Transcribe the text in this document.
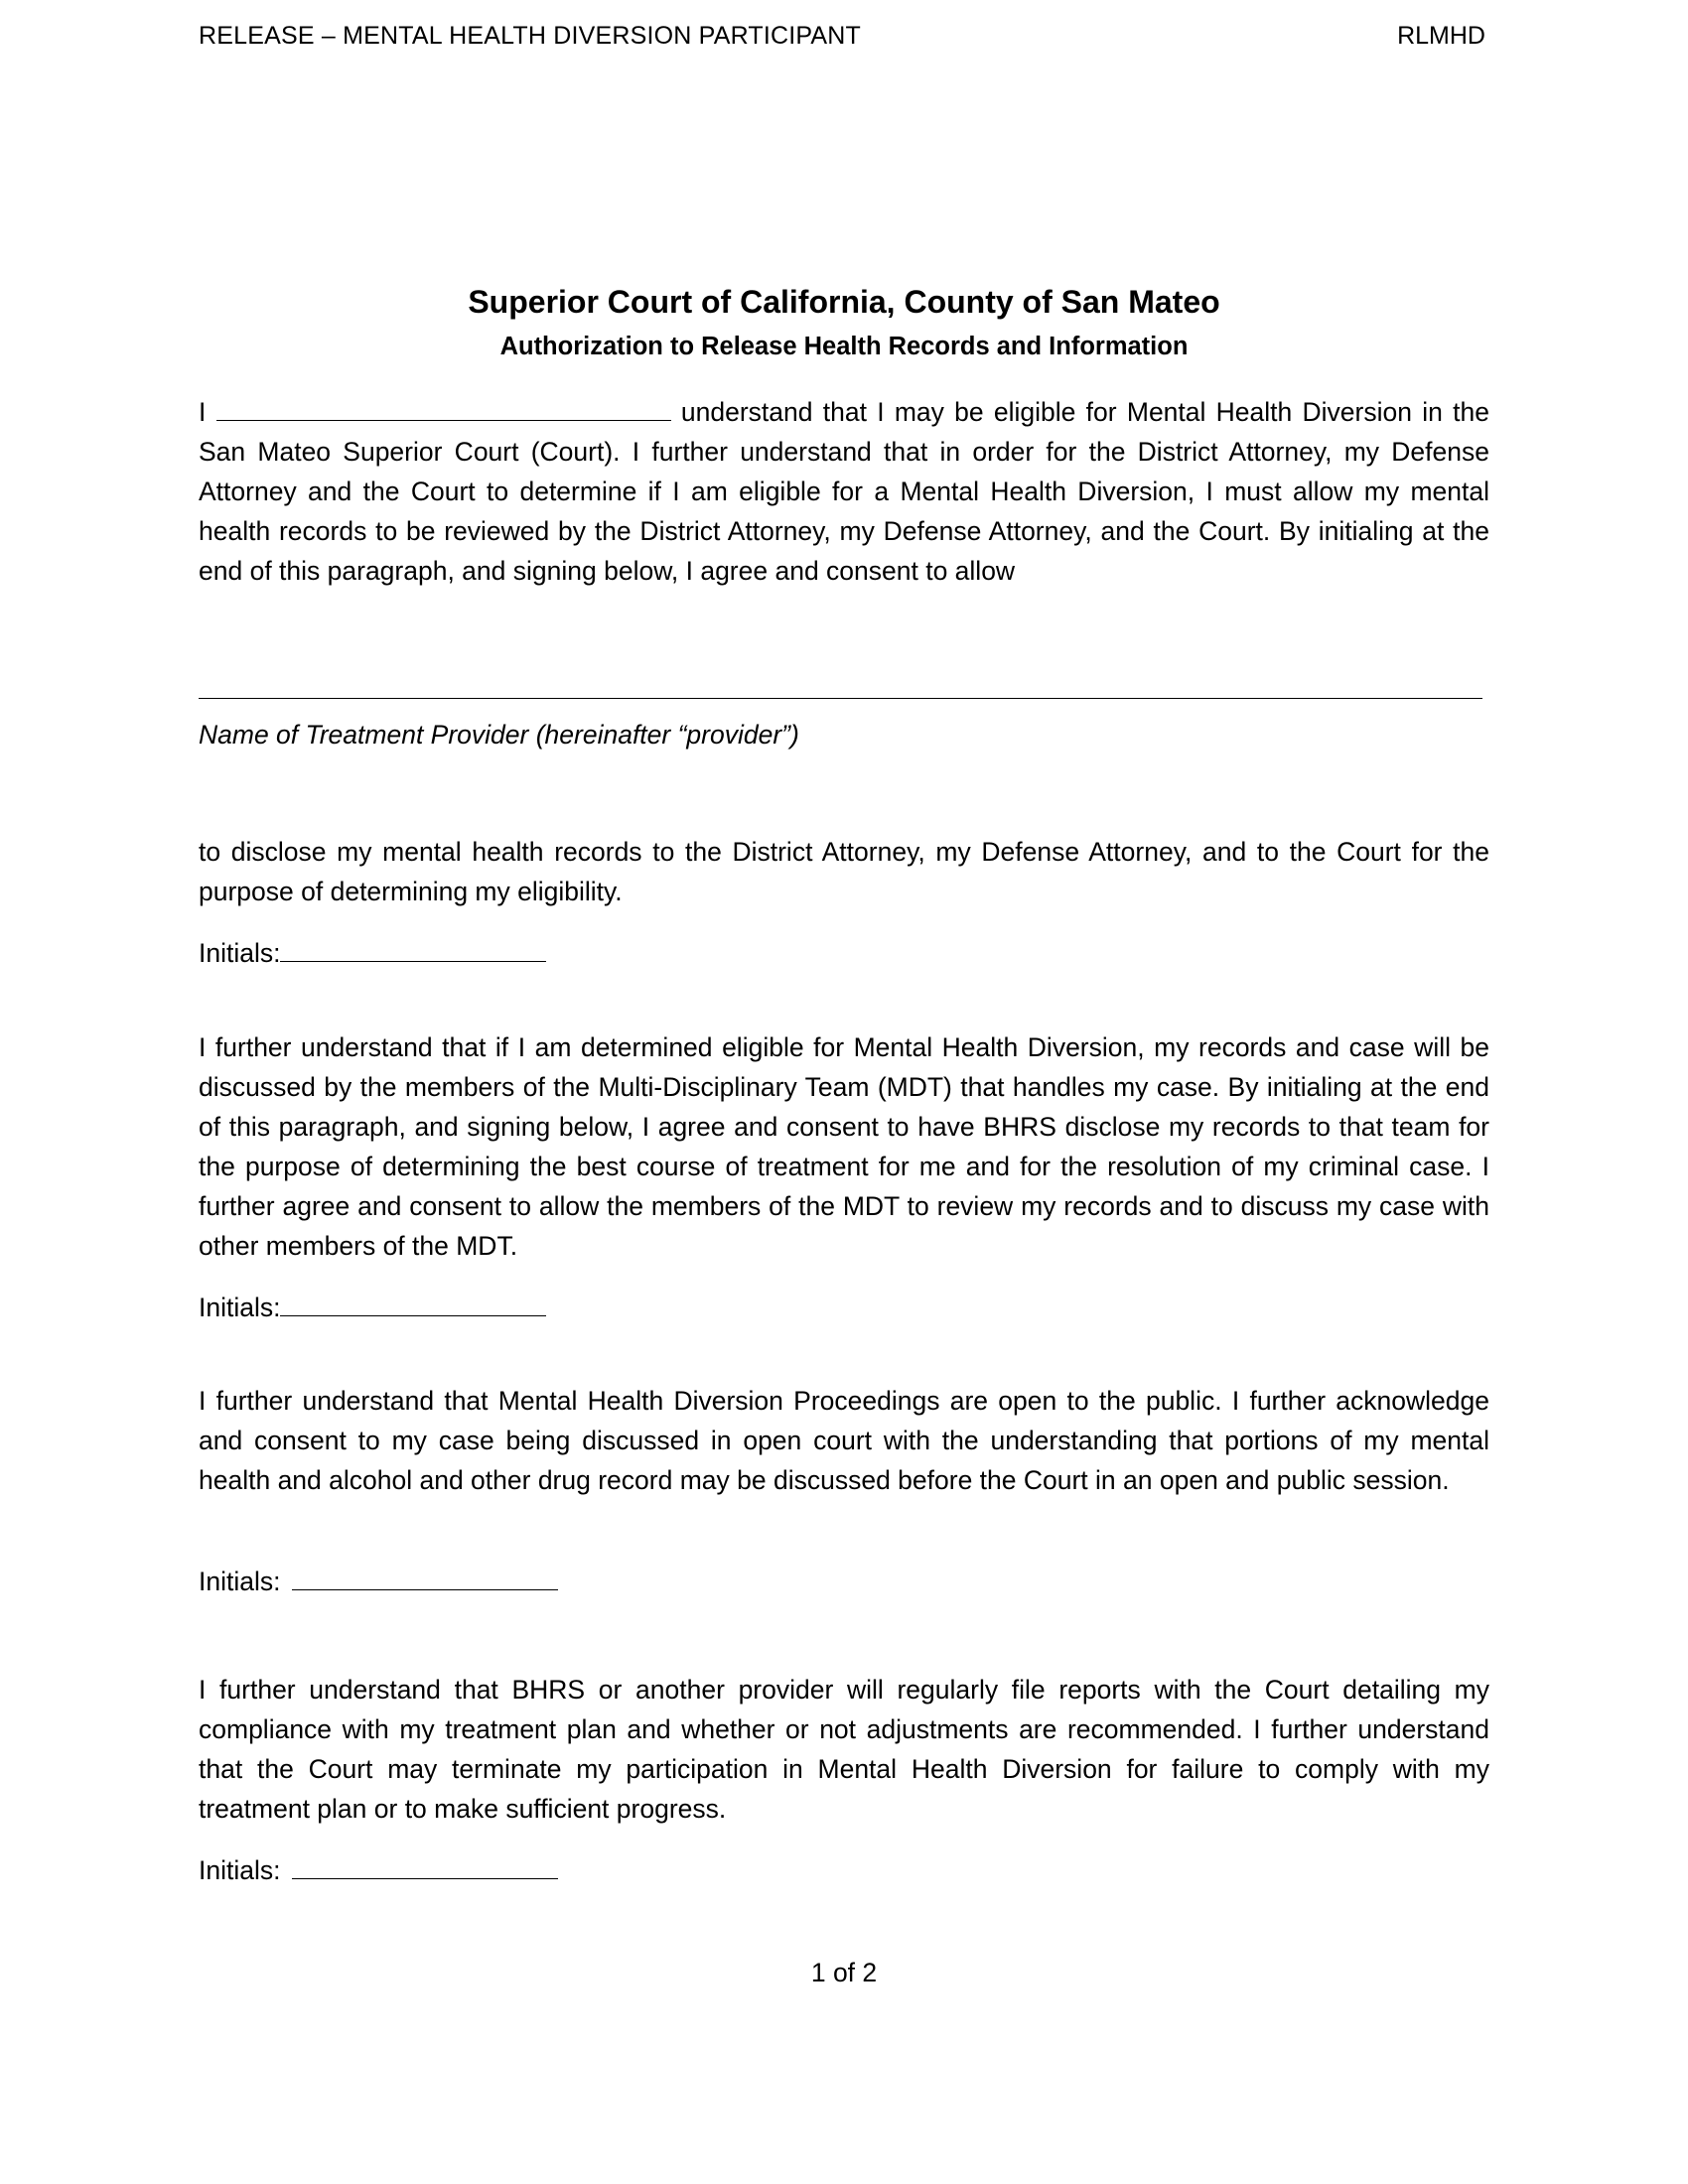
RELEASE – MENTAL HEALTH DIVERSION PARTICIPANT	RLMHD
Superior Court of California, County of San Mateo
Authorization to Release Health Records and Information

I	understand that I may be eligible for Mental Health Diversion in the San Mateo Superior Court (Court). I further understand that in order for the District Attorney, my Defense Attorney and the Court to determine if I am eligible for a Mental Health Diversion, I must allow my mental health records to be reviewed by the District Attorney, my Defense Attorney, and the Court. By initialing at the end of this paragraph, and signing below, I agree and consent to allow

Name of Treatment Provider (hereinafter “provider”)

to disclose my mental health records to the District Attorney, my Defense Attorney, and to the Court for the purpose of determining my eligibility.

Initials:

I further understand that if I am determined eligible for Mental Health Diversion, my records and case will be discussed by the members of the Multi-Disciplinary Team (MDT) that handles my case. By initialing at the end of this paragraph, and signing below, I agree and consent to have BHRS disclose my records to that team for the purpose of determining the best course of treatment for me and for the resolution of my criminal case. I further agree and consent to allow the members of the MDT to review my records and to discuss my case with other members of the MDT.

Initials:

I further understand that Mental Health Diversion Proceedings are open to the public. I further acknowledge and consent to my case being discussed in open court with the understanding that portions of my mental health and alcohol and other drug record may be discussed before the Court in an open and public session.

Initials:

I further understand that BHRS or another provider will regularly file reports with the Court detailing my compliance with my treatment plan and whether or not adjustments are recommended. I further understand that the Court may terminate my participation in Mental Health Diversion for failure to comply with my treatment plan or to make sufficient progress.

Initials:
1 of 2
